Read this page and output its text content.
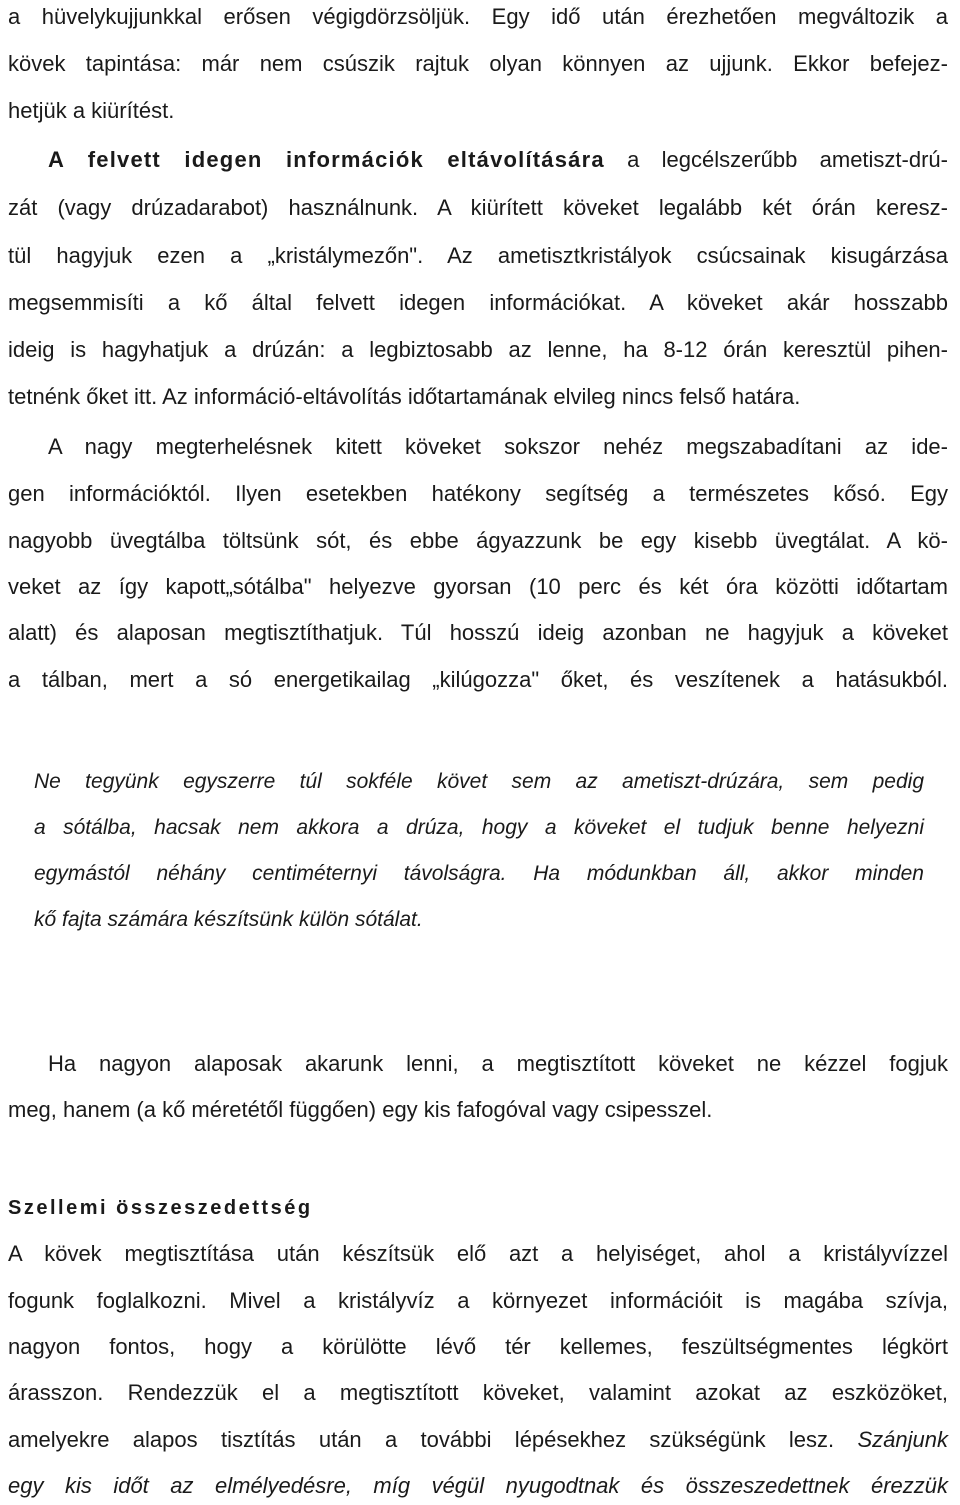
a hüvelykujjunkkal erősen végigdörzsöljük. Egy idő után érezhetően megváltozik a
kövek tapintása: már nem csúszik rajtuk olyan könnyen az ujjunk. Ekkor befejez-
hetjük a kiürítést.
A felvett idegen információk eltávolítására a legcélszerűbb ametiszt-drú-
zát (vagy drúzadarabot) használnunk. A kiürített köveket legalább két órán keresz-
tül hagyjuk ezen a „kristálymezőn". Az ametisztkristályok csúcsainak kisugárzása
megsemmisíti a kő által felvett idegen információkat. A köveket akár hosszabb
ideig is hagyhatjuk a drúzán: a legbiztosabb az lenne, ha 8-12 órán keresztül pihen-
tetnénk őket itt. Az információ-eltávolítás időtartamának elvileg nincs felső határa.
A nagy megterhelésnek kitett köveket sokszor nehéz megszabadítani az ide-
gen információktól. Ilyen esetekben hatékony segítség a természetes kősó. Egy
nagyobb üvegtálba töltsünk sót, és ebbe ágyazzunk be egy kisebb üvegtálat. A kö-
veket az így kapott„sótálba" helyezve gyorsan (10 perc és két óra közötti időtartam
alatt) és alaposan megtisztíthatjuk. Túl hosszú ideig azonban ne hagyjuk a köveket
a tálban, mert a só energetikailag „kilúgozza" őket, és veszítenek a hatásukból.
Ne tegyünk egyszerre túl sokféle követ sem az ametiszt-drúzára, sem pedig
a sótálba, hacsak nem akkora a drúza, hogy a köveket el tudjuk benne helyezni
egymástól néhány centiméternyi távolságra. Ha módunkban áll, akkor minden
kő fajta számára készítsünk külön sótálat.
Ha nagyon alaposak akarunk lenni, a megtisztított köveket ne kézzel fogjuk
meg, hanem (a kő méretétől függően) egy kis fafogóval vagy csipesszel.
Szellemi összeszedettség
A kövek megtisztítása után készítsük elő azt a helyiséget, ahol a kristályvízzel
fogunk foglalkozni. Mivel a kristályvíz a környezet információit is magába szívja,
nagyon fontos, hogy a körülötte lévő tér kellemes, feszültségmentes légkört
árasszon. Rendezzük el a megtisztított köveket, valamint azokat az eszközöket,
amelyekre alapos tisztítás után a további lépésekhez szükségünk lesz. Szánjunk
egy kis időt az elmélyedésre, míg végül nyugodtnak és összeszedettnek érezzük
